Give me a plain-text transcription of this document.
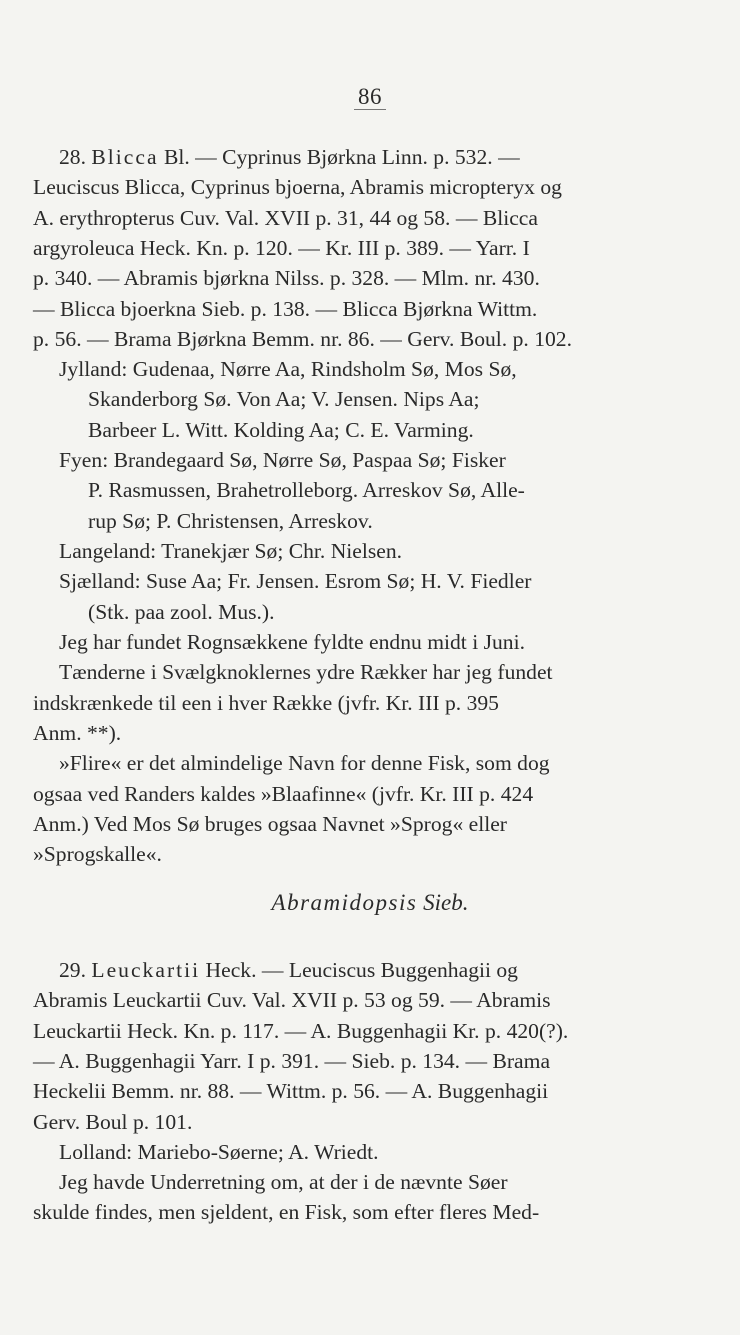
86
28. Blicca Bl. — Cyprinus Bjørkna Linn. p. 532. —
Leuciscus Blicca, Cyprinus bjoerna, Abramis micropteryx og
A. erythropterus Cuv. Val. XVII p. 31, 44 og 58. — Blicca
argyroleuca Heck. Kn. p. 120. — Kr. III p. 389. — Yarr. I
p. 340. — Abramis bjørkna Nilss. p. 328. — Mlm. nr. 430.
— Blicca bjoerkna Sieb. p. 138. — Blicca Bjørkna Wittm.
p. 56. — Brama Bjørkna Bemm. nr. 86. — Gerv. Boul. p. 102.
Jylland: Gudenaa, Nørre Aa, Rindsholm Sø, Mos Sø,
Skanderborg Sø. Von Aa; V. Jensen. Nips Aa;
Barbeer L. Witt. Kolding Aa; C. E. Varming.
Fyen: Brandegaard Sø, Nørre Sø, Paspaa Sø; Fisker
P. Rasmussen, Brahetrolleborg. Arreskov Sø, Alle-
rup Sø; P. Christensen, Arreskov.
Langeland: Tranekjær Sø; Chr. Nielsen.
Sjælland: Suse Aa; Fr. Jensen. Esrom Sø; H. V. Fiedler
(Stk. paa zool. Mus.).
Jeg har fundet Rognsækkene fyldte endnu midt i Juni.
Tænderne i Svælgknoklernes ydre Rækker har jeg fundet
indskrænkede til een i hver Række (jvfr. Kr. III p. 395
Anm. **).
»Flire« er det almindelige Navn for denne Fisk, som dog
ogsaa ved Randers kaldes »Blaafinne« (jvfr. Kr. III p. 424
Anm.) Ved Mos Sø bruges ogsaa Navnet »Sprog« eller
»Sprogskalle«.
Abramidopsis Sieb.
29. Leuckartii Heck. — Leuciscus Buggenhagii og
Abramis Leuckartii Cuv. Val. XVII p. 53 og 59. — Abramis
Leuckartii Heck. Kn. p. 117. — A. Buggenhagii Kr. p. 420(?).
— A. Buggenhagii Yarr. I p. 391. — Sieb. p. 134. — Brama
Heckelii Bemm. nr. 88. — Wittm. p. 56. — A. Buggenhagii
Gerv. Boul p. 101.
Lolland: Mariebo-Søerne; A. Wriedt.
Jeg havde Underretning om, at der i de nævnte Søer
skulde findes, men sjeldent, en Fisk, som efter fleres Med-
